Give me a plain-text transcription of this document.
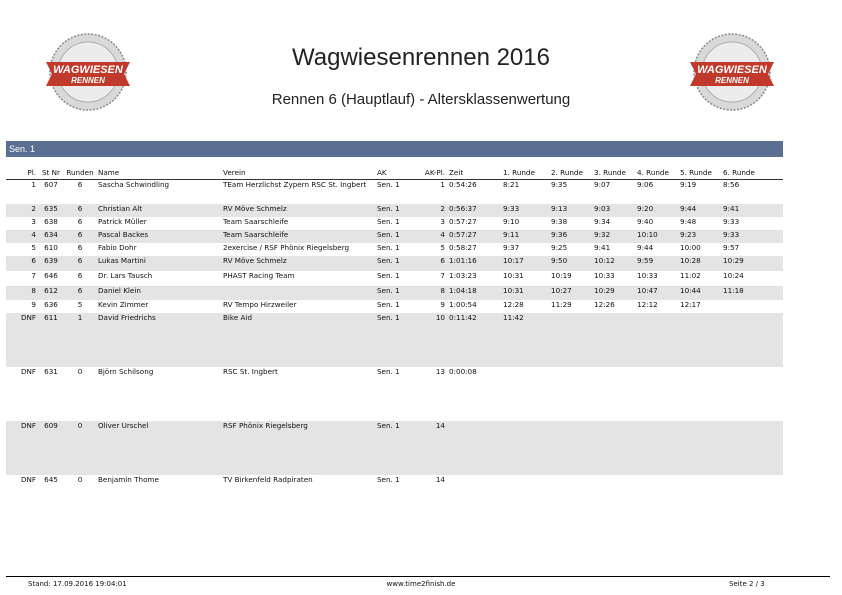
WAGWIESEN
RENNEN
WAGWIESEN
RENNEN
Wagwiesenrennen 2016
Rennen 6 (Hauptlauf) - Altersklassenwertung
Sen. 1
Pl.	St Nr	Runden	Name	Verein	AK	AK-Pl.	Zeit	1. Runde	2. Runde	3. Runde	4. Runde	5. Runde	6. Runde
1	607	6	Sascha Schwindling	TEam Herzlichst Zypern RSC St. Ingbert	Sen. 1	1	0:54:26	8:21	9:35	9:07	9:06	9:19	8:56
2	635	6	Christian Alt	RV Möve Schmelz	Sen. 1	2	0:56:37	9:33	9:13	9:03	9:20	9:44	9:41
3	638	6	Patrick Müller	Team Saarschleife	Sen. 1	3	0:57:27	9:10	9:38	9:34	9:40	9:48	9:33
4	634	6	Pascal Backes	Team Saarschleife	Sen. 1	4	0:57:27	9:11	9:36	9:32	10:10	9:23	9:33
5	610	6	Fabio Dohr	2exercise / RSF Phönix Riegelsberg	Sen. 1	5	0:58:27	9:37	9:25	9:41	9:44	10:00	9:57
6	639	6	Lukas Martini	RV Möve Schmelz	Sen. 1	6	1:01:16	10:17	9:50	10:12	9:59	10:28	10:29
7	646	6	Dr. Lars Tausch	PHAST Racing Team	Sen. 1	7	1:03:23	10:31	10:19	10:33	10:33	11:02	10:24
8	612	6	Daniel Klein		Sen. 1	8	1:04:18	10:31	10:27	10:29	10:47	10:44	11:18
9	636	5	Kevin Zimmer	RV Tempo Hirzweiler	Sen. 1	9	1:00:54	12:28	11:29	12:26	12:12	12:17	
DNF	611	1	David Friedrichs	Bike Aid	Sen. 1	10	0:11:42	11:42					
DNF	631	0	Björn Schilsong	RSC St. Ingbert	Sen. 1	13	0:00:08						
DNF	609	0	Oliver Urschel	RSF Phönix Riegelsberg	Sen. 1	14							
DNF	645	0	Benjamin Thome	TV Birkenfeld Radpiraten	Sen. 1	14							
Stand: 17.09.2016 19:04:01	www.time2finish.de	Seite 2 / 3
